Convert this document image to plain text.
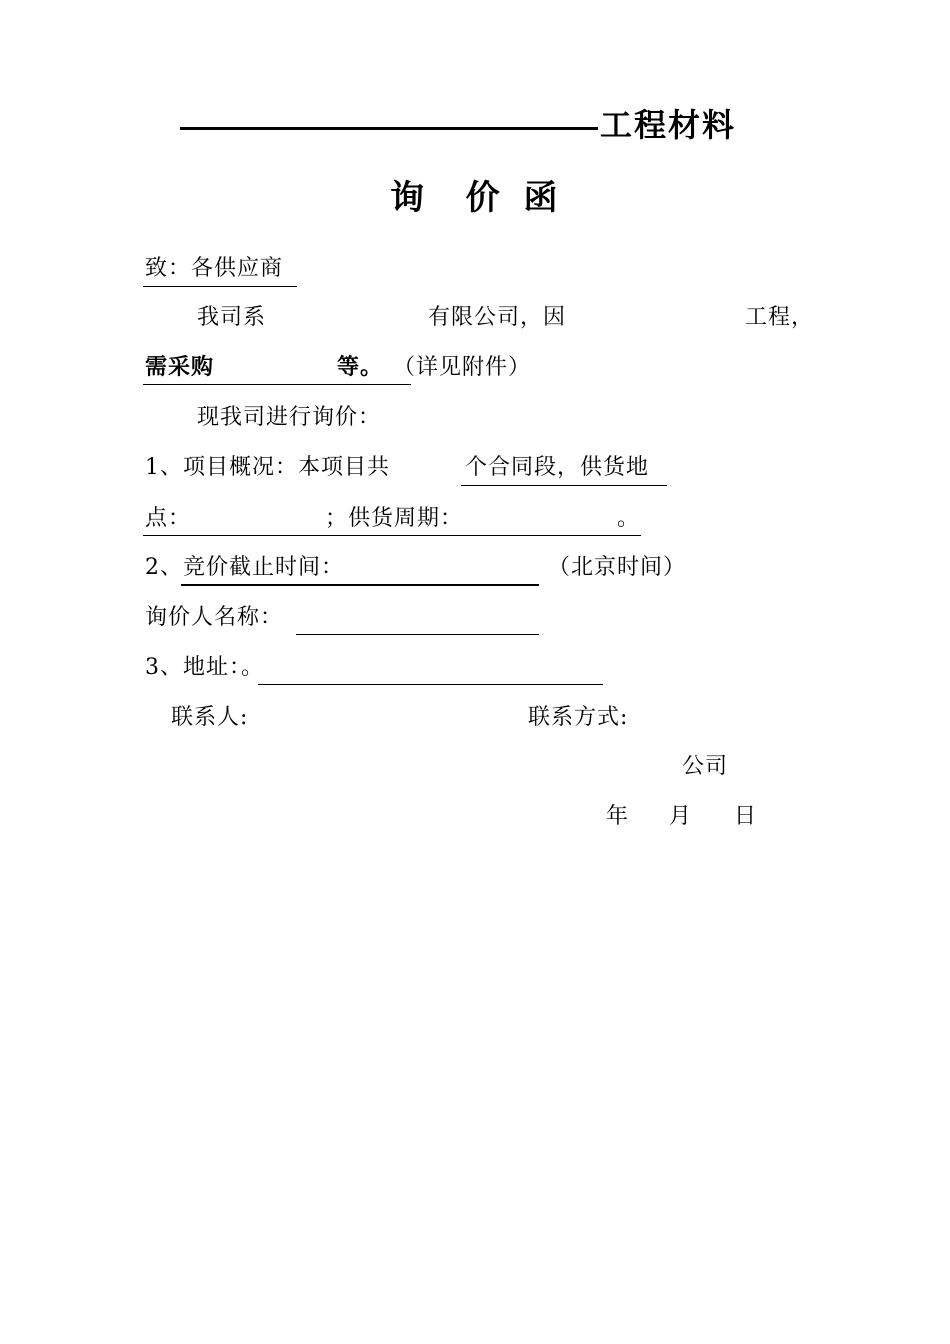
工程材料
询  价 函
致：各供应商
我司系	有限公司，因	工程，
需采购	等。 （详见附件）
现我司进行询价：
1、项目概况：本项目共	个合同段，供货地
点：	；供货周期：	。
2、竞价截止时间：	（北京时间）
询价人名称：
3、地址：。
联系人:	联系方式:
公司
年 月 日
